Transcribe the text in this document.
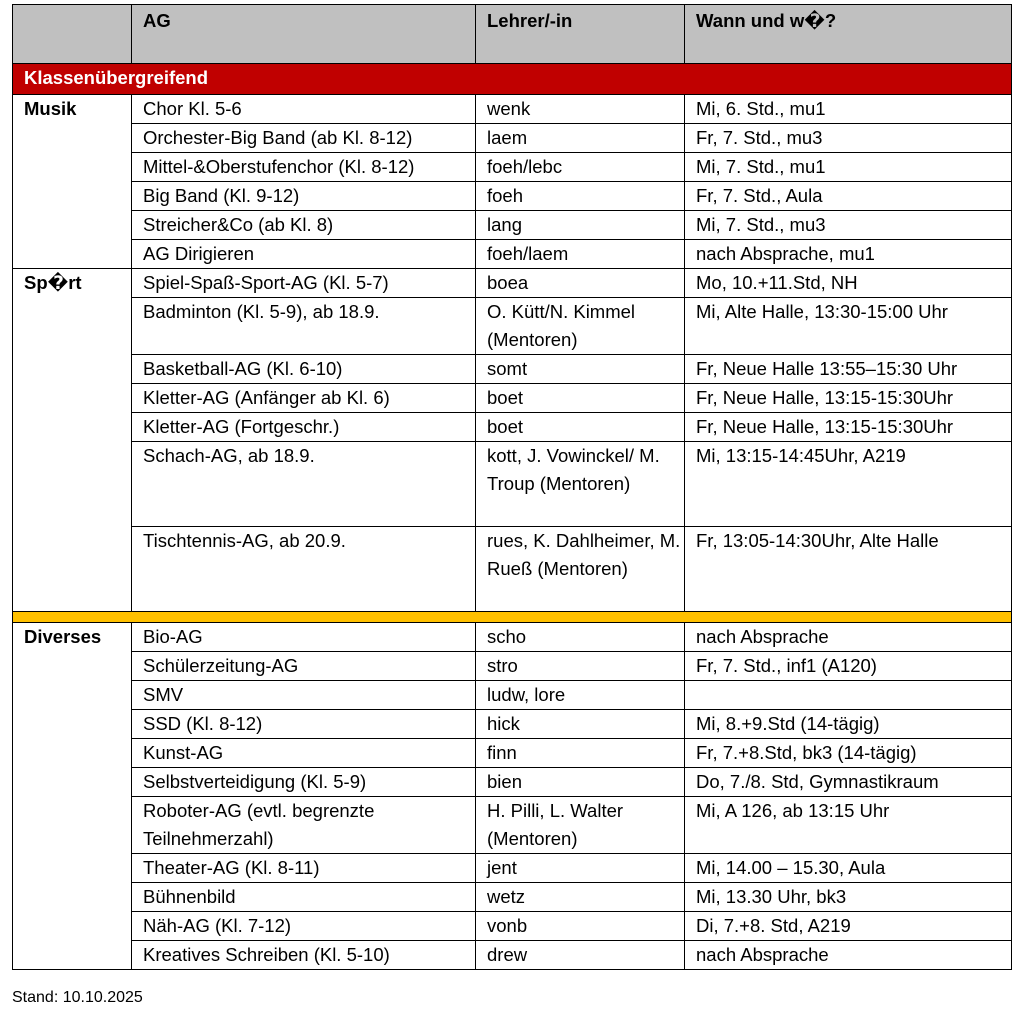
	AG	Lehrer/-in	Wann und w�?
Klassenübergreifend			
Musik	Chor Kl. 5-6	wenk	Mi, 6. Std., mu1
	Orchester-Big Band (ab Kl. 8-12)	laem	Fr, 7. Std., mu3
	Mittel-&Oberstufenchor (Kl. 8-12)	foeh/lebc	Mi, 7. Std., mu1
	Big Band (Kl. 9-12)	foeh	Fr, 7. Std., Aula
	Streicher&Co (ab Kl. 8)	lang	Mi, 7. Std., mu3
	AG Dirigieren	foeh/laem	nach Absprache, mu1
Sp�rt	Spiel-Spaß-Sport-AG (Kl. 5-7)	boea	Mo, 10.+11.Std, NH
	Badminton (Kl. 5-9), ab 18.9.	O. Kütt/N. Kimmel (Mentoren)	Mi, Alte Halle, 13:30-15:00 Uhr
	Basketball-AG (Kl. 6-10)	somt	Fr, Neue Halle 13:55–15:30 Uhr
	Kletter-AG (Anfänger ab Kl. 6)	boet	Fr, Neue Halle, 13:15-15:30Uhr
	Kletter-AG (Fortgeschr.)	boet	Fr, Neue Halle, 13:15-15:30Uhr
	Schach-AG, ab 18.9.	kott, J. Vowinckel/ M. Troup (Mentoren)	Mi, 13:15-14:45Uhr, A219
	Tischtennis-AG, ab 20.9.	rues, K. Dahlheimer, M. Rueß (Mentoren)	Fr, 13:05-14:30Uhr, Alte Halle

Diverses	Bio-AG	scho	nach Absprache
	Schülerzeitung-AG	stro	Fr, 7. Std., inf1 (A120)
	SMV	ludw, lore	
	SSD (Kl. 8-12)	hick	Mi, 8.+9.Std (14-tägig)
	Kunst-AG	finn	Fr, 7.+8.Std, bk3 (14-tägig)
	Selbstverteidigung (Kl. 5-9)	bien	Do, 7./8. Std, Gymnastikraum
	Roboter-AG (evtl. begrenzte Teilnehmerzahl)	H. Pilli, L. Walter (Mentoren)	Mi, A 126, ab 13:15 Uhr
	Theater-AG (Kl. 8-11)	jent	Mi, 14.00 – 15.30, Aula
	Bühnenbild	wetz	Mi, 13.30 Uhr, bk3
	Näh-AG (Kl. 7-12)	vonb	Di, 7.+8. Std, A219
	Kreatives Schreiben (Kl. 5-10)	drew	nach Absprache
Stand: 10.10.2025
